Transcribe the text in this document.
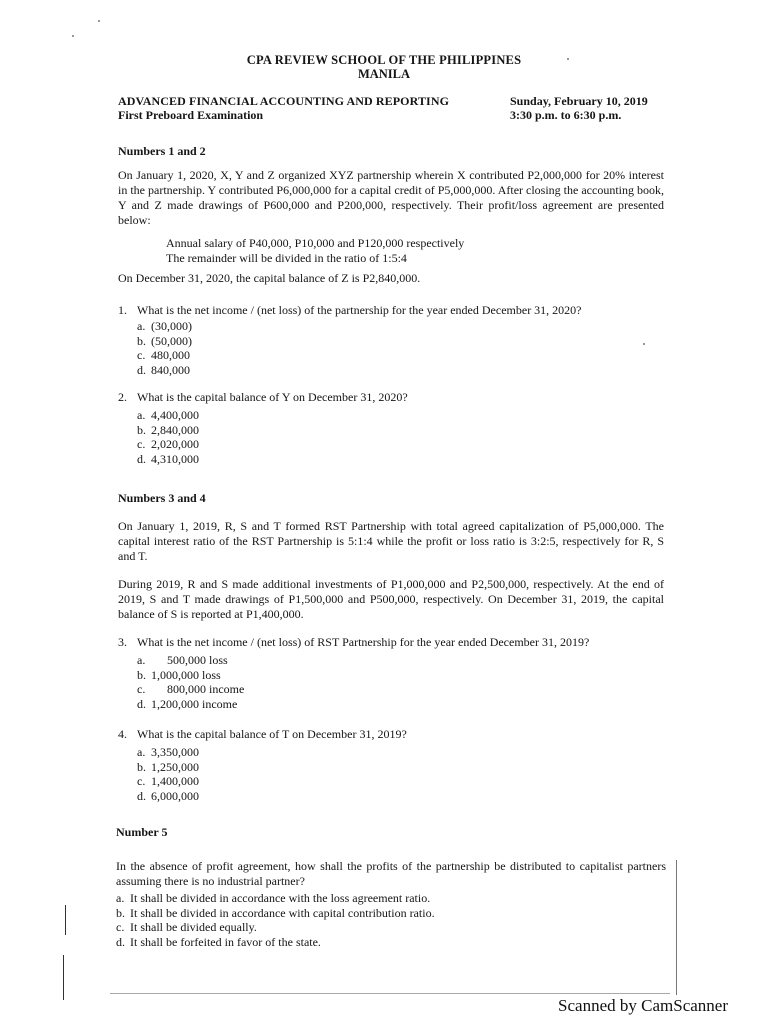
CPA REVIEW SCHOOL OF THE PHILIPPINES
MANILA
ADVANCED FINANCIAL ACCOUNTING AND REPORTING
First Preboard Examination
Sunday, February 10, 2019
3:30 p.m. to 6:30 p.m.
Numbers 1 and 2
On January 1, 2020, X, Y and Z organized XYZ partnership wherein X contributed P2,000,000 for 20% interest in the partnership. Y contributed P6,000,000 for a capital credit of P5,000,000. After closing the accounting book, Y and Z made drawings of P600,000 and P200,000, respectively. Their profit/loss agreement are presented below:
Annual salary of P40,000, P10,000 and P120,000 respectively
The remainder will be divided in the ratio of 1:5:4
On December 31, 2020, the capital balance of Z is P2,840,000.
1. What is the net income / (net loss) of the partnership for the year ended December 31, 2020?
a. (30,000)
b. (50,000)
c. 480,000
d. 840,000
2. What is the capital balance of Y on December 31, 2020?
a. 4,400,000
b. 2,840,000
c. 2,020,000
d. 4,310,000
Numbers 3 and 4
On January 1, 2019, R, S and T formed RST Partnership with total agreed capitalization of P5,000,000. The capital interest ratio of the RST Partnership is 5:1:4 while the profit or loss ratio is 3:2:5, respectively for R, S and T.
During 2019, R and S made additional investments of P1,000,000 and P2,500,000, respectively. At the end of 2019, S and T made drawings of P1,500,000 and P500,000, respectively. On December 31, 2019, the capital balance of S is reported at P1,400,000.
3. What is the net income / (net loss) of RST Partnership for the year ended December 31, 2019?
a. 500,000 loss
b. 1,000,000 loss
c. 800,000 income
d. 1,200,000 income
4. What is the capital balance of T on December 31, 2019?
a. 3,350,000
b. 1,250,000
c. 1,400,000
d. 6,000,000
Number 5
In the absence of profit agreement, how shall the profits of the partnership be distributed to capitalist partners assuming there is no industrial partner?
a. It shall be divided in accordance with the loss agreement ratio.
b. It shall be divided in accordance with capital contribution ratio.
c. It shall be divided equally.
d. It shall be forfeited in favor of the state.
Scanned by CamScanner
